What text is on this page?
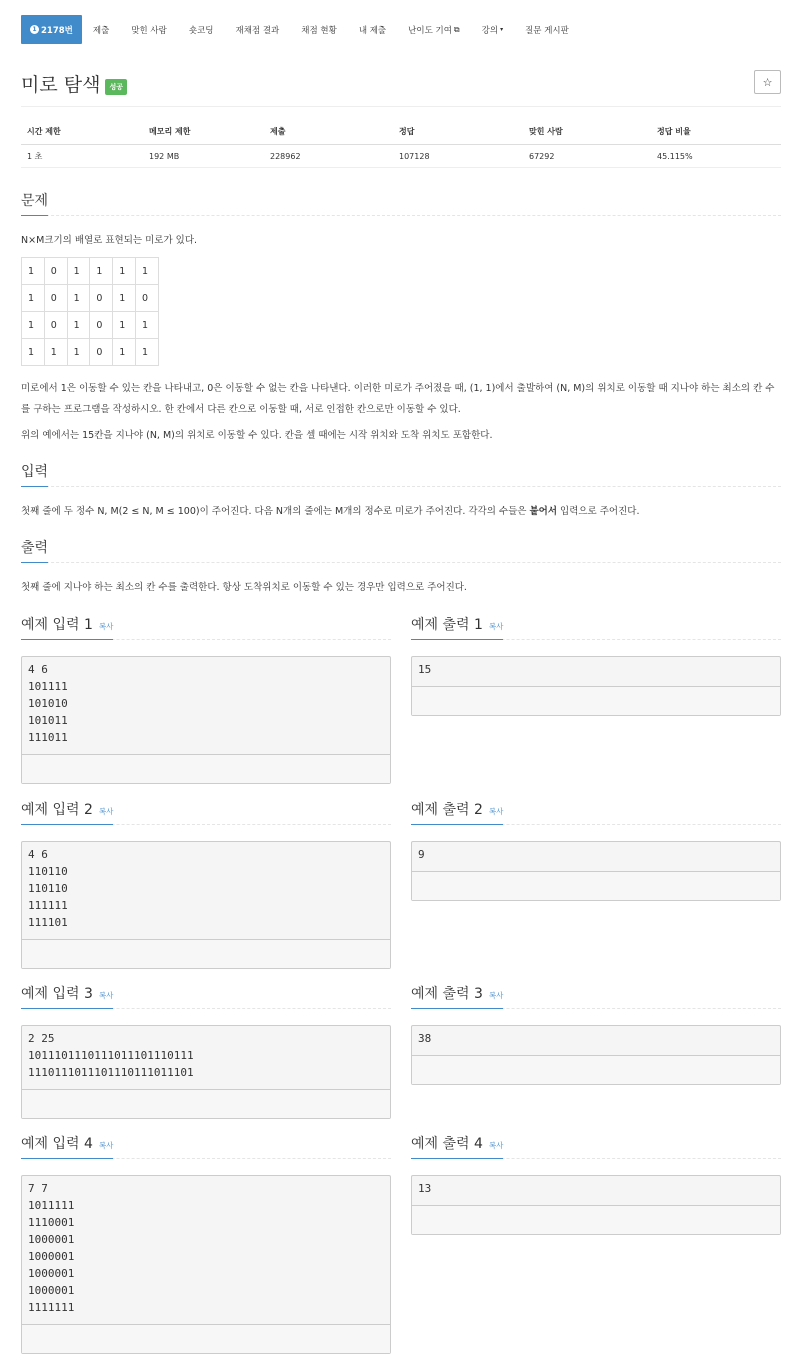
1 2178번 제출	맞힌 사람	숏코딩	재채점 결과	채점 현황	내 제출	난이도 기여 ⧉	강의 ▾	질문 게시판
미로 탐색	성공	☆
시간 제한	메모리 제한	제출	정답	맞힌 사람	정답 비율
1 초	192 MB	228962	107128	67292	45.115%
문제
N×M크기의 배열로 표현되는 미로가 있다.
1	0	1	1	1	1
1	0	1	0	1	0
1	0	1	0	1	1
1	1	1	0	1	1
미로에서 1은 이동할 수 있는 칸을 나타내고, 0은 이동할 수 없는 칸을 나타낸다. 이러한 미로가 주어졌을 때, (1, 1)에서 출발하여 (N, M)의 위치로 이동할 때 지나야 하는 최소의 칸 수를 구하는 프로그램을 작성하시오. 한 칸에서 다른 칸으로 이동할 때, 서로 인접한 칸으로만 이동할 수 있다.
위의 예에서는 15칸을 지나야 (N, M)의 위치로 이동할 수 있다. 칸을 셀 때에는 시작 위치와 도착 위치도 포함한다.
입력
첫째 줄에 두 정수 N, M(2 ≤ N, M ≤ 100)이 주어진다. 다음 N개의 줄에는 M개의 정수로 미로가 주어진다. 각각의 수들은 붙어서 입력으로 주어진다.
출력
첫째 줄에 지나야 하는 최소의 칸 수를 출력한다. 항상 도착위치로 이동할 수 있는 경우만 입력으로 주어진다.
예제 입력 1 복사
4 6
101111
101010
101011
111011
예제 출력 1 복사
15
예제 입력 2 복사
4 6
110110
110110
111111
111101
예제 출력 2 복사
9
예제 입력 3 복사
2 25
1011101110111011101110111
1110111011101110111011101
예제 출력 3 복사
38
예제 입력 4 복사
7 7
1011111
1110001
1000001
1000001
1000001
1000001
1111111
예제 출력 4 복사
13
